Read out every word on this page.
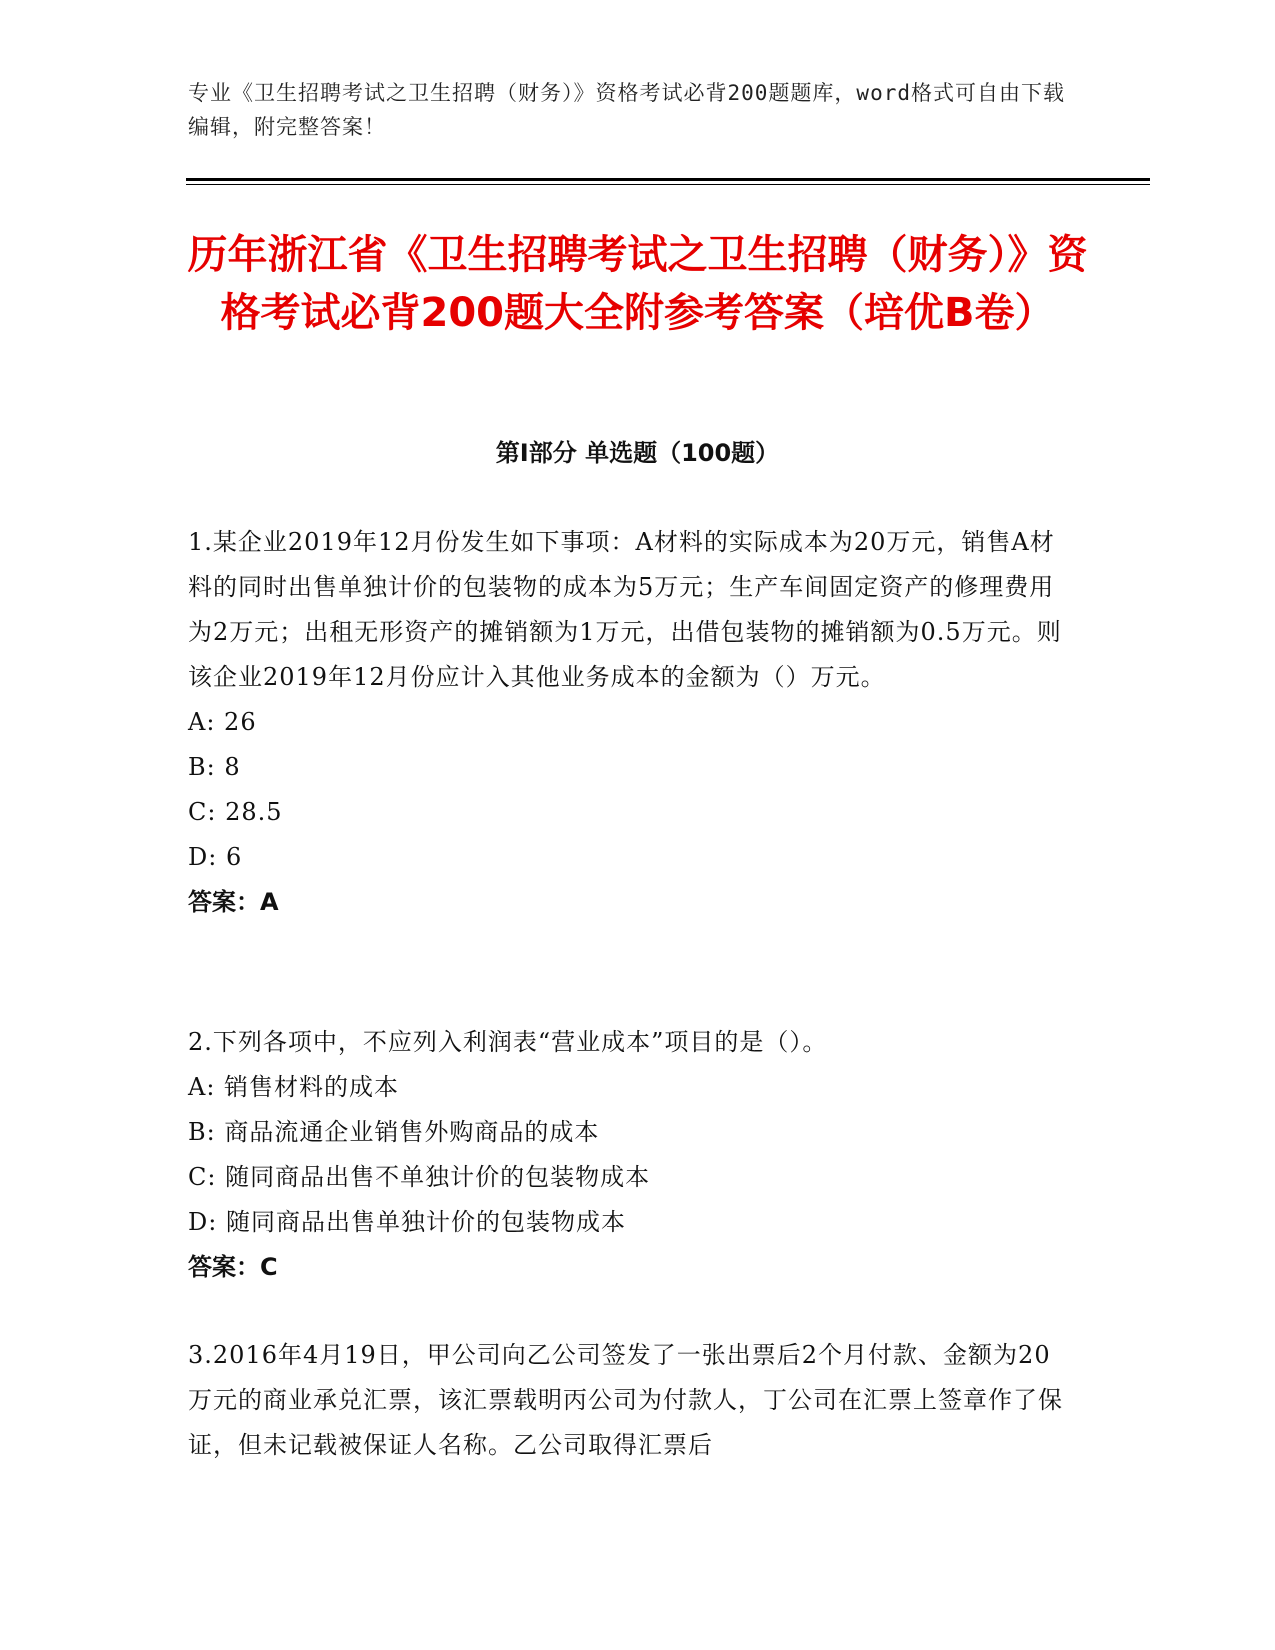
专业《卫生招聘考试之卫生招聘（财务）》资格考试必背200题题库，word格式可自由下载编辑，附完整答案！
历年浙江省《卫生招聘考试之卫生招聘（财务）》资格考试必背200题大全附参考答案（培优B卷）
第Ⅰ部分 单选题（100题）

1.某企业2019年12月份发生如下事项：A材料的实际成本为20万元，销售A材料的同时出售单独计价的包装物的成本为5万元；生产车间固定资产的修理费用为2万元；出租无形资产的摊销额为1万元，出借包装物的摊销额为0.5万元。则该企业2019年12月份应计入其他业务成本的金额为（）万元。

A: 26

B: 8

C: 28.5

D: 6

答案：A

2.下列各项中，不应列入利润表“营业成本”项目的是（）。

A: 销售材料的成本

B: 商品流通企业销售外购商品的成本

C: 随同商品出售不单独计价的包装物成本

D: 随同商品出售单独计价的包装物成本

答案：C

3.2016年4月19日，甲公司向乙公司签发了一张出票后2个月付款、金额为20万元的商业承兑汇票，该汇票载明丙公司为付款人，丁公司在汇票上签章作了保证，但未记载被保证人名称。乙公司取得汇票后
